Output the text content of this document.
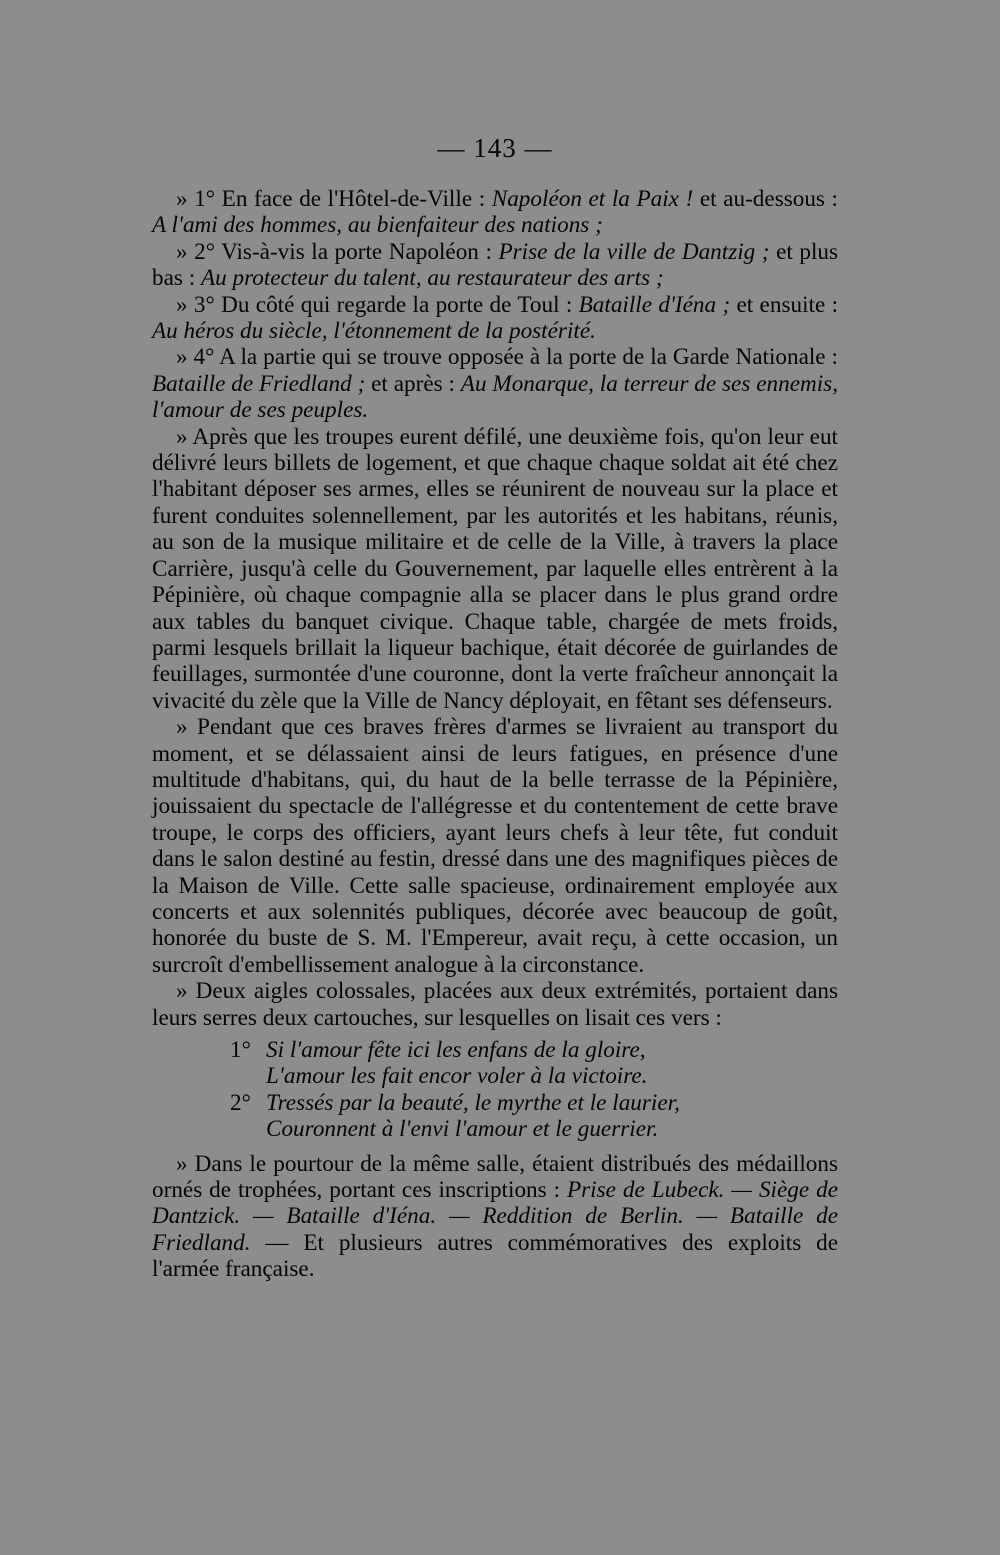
— 143 —

» 1° En face de l'Hôtel-de-Ville : Napoléon et la Paix ! et au-dessous : A l'ami des hommes, au bienfaiteur des nations ;

» 2° Vis-à-vis la porte Napoléon : Prise de la ville de Dantzig ; et plus bas : Au protecteur du talent, au restaurateur des arts ;

» 3° Du côté qui regarde la porte de Toul : Bataille d'Iéna ; et ensuite : Au héros du siècle, l'étonnement de la postérité.

» 4° A la partie qui se trouve opposée à la porte de la Garde Nationale : Bataille de Friedland ; et après : Au Monarque, la terreur de ses ennemis, l'amour de ses peuples.

» Après que les troupes eurent défilé, une deuxième fois, qu'on leur eut délivré leurs billets de logement, et que chaque chaque soldat ait été chez l'habitant déposer ses armes, elles se réunirent de nouveau sur la place et furent conduites solennellement, par les autorités et les habitans, réunis, au son de la musique militaire et de celle de la Ville, à travers la place Carrière, jusqu'à celle du Gouvernement, par laquelle elles entrèrent à la Pépinière, où chaque compagnie alla se placer dans le plus grand ordre aux tables du banquet civique. Chaque table, chargée de mets froids, parmi lesquels brillait la liqueur bachique, était décorée de guirlandes de feuillages, surmontée d'une couronne, dont la verte fraîcheur annonçait la vivacité du zèle que la Ville de Nancy déployait, en fêtant ses défenseurs.

» Pendant que ces braves frères d'armes se livraient au transport du moment, et se délassaient ainsi de leurs fatigues, en présence d'une multitude d'habitans, qui, du haut de la belle terrasse de la Pépinière, jouissaient du spectacle de l'allégresse et du contentement de cette brave troupe, le corps des officiers, ayant leurs chefs à leur tête, fut conduit dans le salon destiné au festin, dressé dans une des magnifiques pièces de la Maison de Ville. Cette salle spacieuse, ordinairement employée aux concerts et aux solennités publiques, décorée avec beaucoup de goût, honorée du buste de S. M. l'Empereur, avait reçu, à cette occasion, un surcroît d'embellissement analogue à la circonstance.

» Deux aigles colossales, placées aux deux extrémités, portaient dans leurs serres deux cartouches, sur lesquelles on lisait ces vers :

1° Si l'amour fête ici les enfans de la gloire,
L'amour les fait encor voler à la victoire.
2° Tressés par la beauté, le myrthe et le laurier,
Couronnent à l'envi l'amour et le guerrier.

» Dans le pourtour de la même salle, étaient distribués des médaillons ornés de trophées, portant ces inscriptions : Prise de Lubeck. — Siège de Dantzick. — Bataille d'Iéna. — Reddition de Berlin. — Bataille de Friedland. — Et plusieurs autres commémoratives des exploits de l'armée française.
